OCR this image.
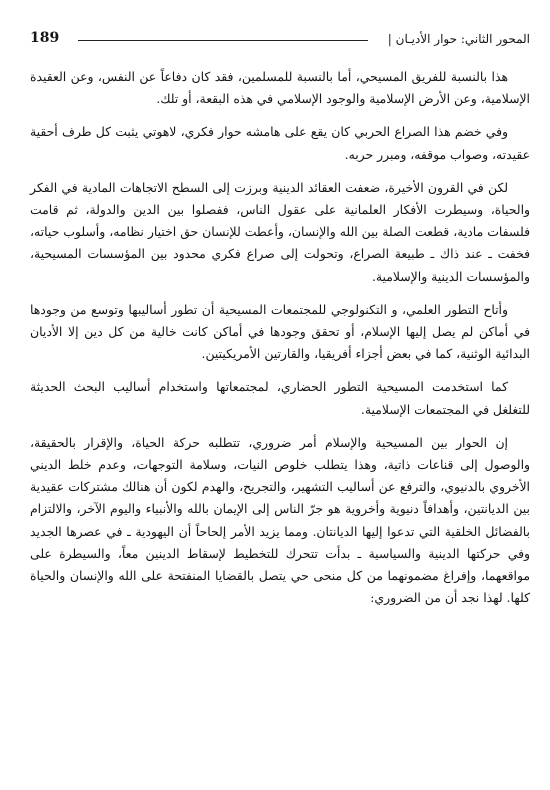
المحور الثاني: حوار الأديـان |
189

هذا بالنسبة للفريق المسيحي، أما بالنسبة للمسلمين، فقد كان دفاعاً عن النفس، وعن العقيدة الإسلامية، وعن الأرض الإسلامية والوجود الإسلامي في هذه البقعة، أو تلك.

وفي خضم هذا الصراع الحربي كان يقع على هامشه حوار فكري، لاهوتي يثبت كل طرف أحقية عقيدته، وصواب موقفه، ومبرر حربه.

لكن في القرون الأخيرة، ضعفت العقائد الدينية وبرزت إلى السطح الاتجاهات المادية في الفكر والحياة، وسيطرت الأفكار العلمانية على عقول الناس، ففصلوا بين الدين والدولة، ثم قامت فلسفات مادية، قطعت الصلة بين الله والإنسان، وأعطت للإنسان حق اختيار نظامه، وأسلوب حياته، فخفت ـ عند ذاك ـ طبيعة الصراع، وتحولت إلى صراع فكري محدود بين المؤسسات المسيحية، والمؤسسات الدينية والإسلامية.

وأتاح التطور العلمي، و التكنولوجي للمجتمعات المسيحية أن تطور أساليبها وتوسع من وجودها في أماكن لم يصل إليها الإسلام، أو تحقق وجودها في أماكن كانت خالية من كل دين إلا الأديان البدائية الوثنية، كما في بعض أجزاء أفريقيا، والقارتين الأمريكيتين.

كما استخدمت المسيحية التطور الحضاري، لمجتمعاتها واستخدام أساليب البحث الحديثة للتغلغل في المجتمعات الإسلامية.

إن الحوار بين المسيحية والإسلام أمر ضروري، تتطلبه حركة الحياة، والإقرار بالحقيقة، والوصول إلى قناعات ذاتية، وهذا يتطلب خلوص النيات، وسلامة التوجهات، وعدم خلط الديني الأخروي بالدنيوي، والترفع عن أساليب التشهير، والتجريح، والهدم لكون أن هنالك مشتركات عقيدية بين الديانتين، وأهدافاً دنيوية وأخروية هو جرّ الناس إلى الإيمان بالله والأنبياء واليوم الآخر، والالتزام بالفضائل الخلقية التي تدعوا إليها الديانتان. ومما يزيد الأمر إلحاحاً أن اليهودية ـ في عصرها الجديد وفي حركتها الدينية والسياسية ـ بدأت تتحرك للتخطيط لإسقاط الدينين معاً، والسيطرة على مواقعهما، وإفراغ مضمونهما من كل منحى حي يتصل بالقضايا المنفتحة على الله والإنسان والحياة كلها. لهذا نجد أن من الضروري:
